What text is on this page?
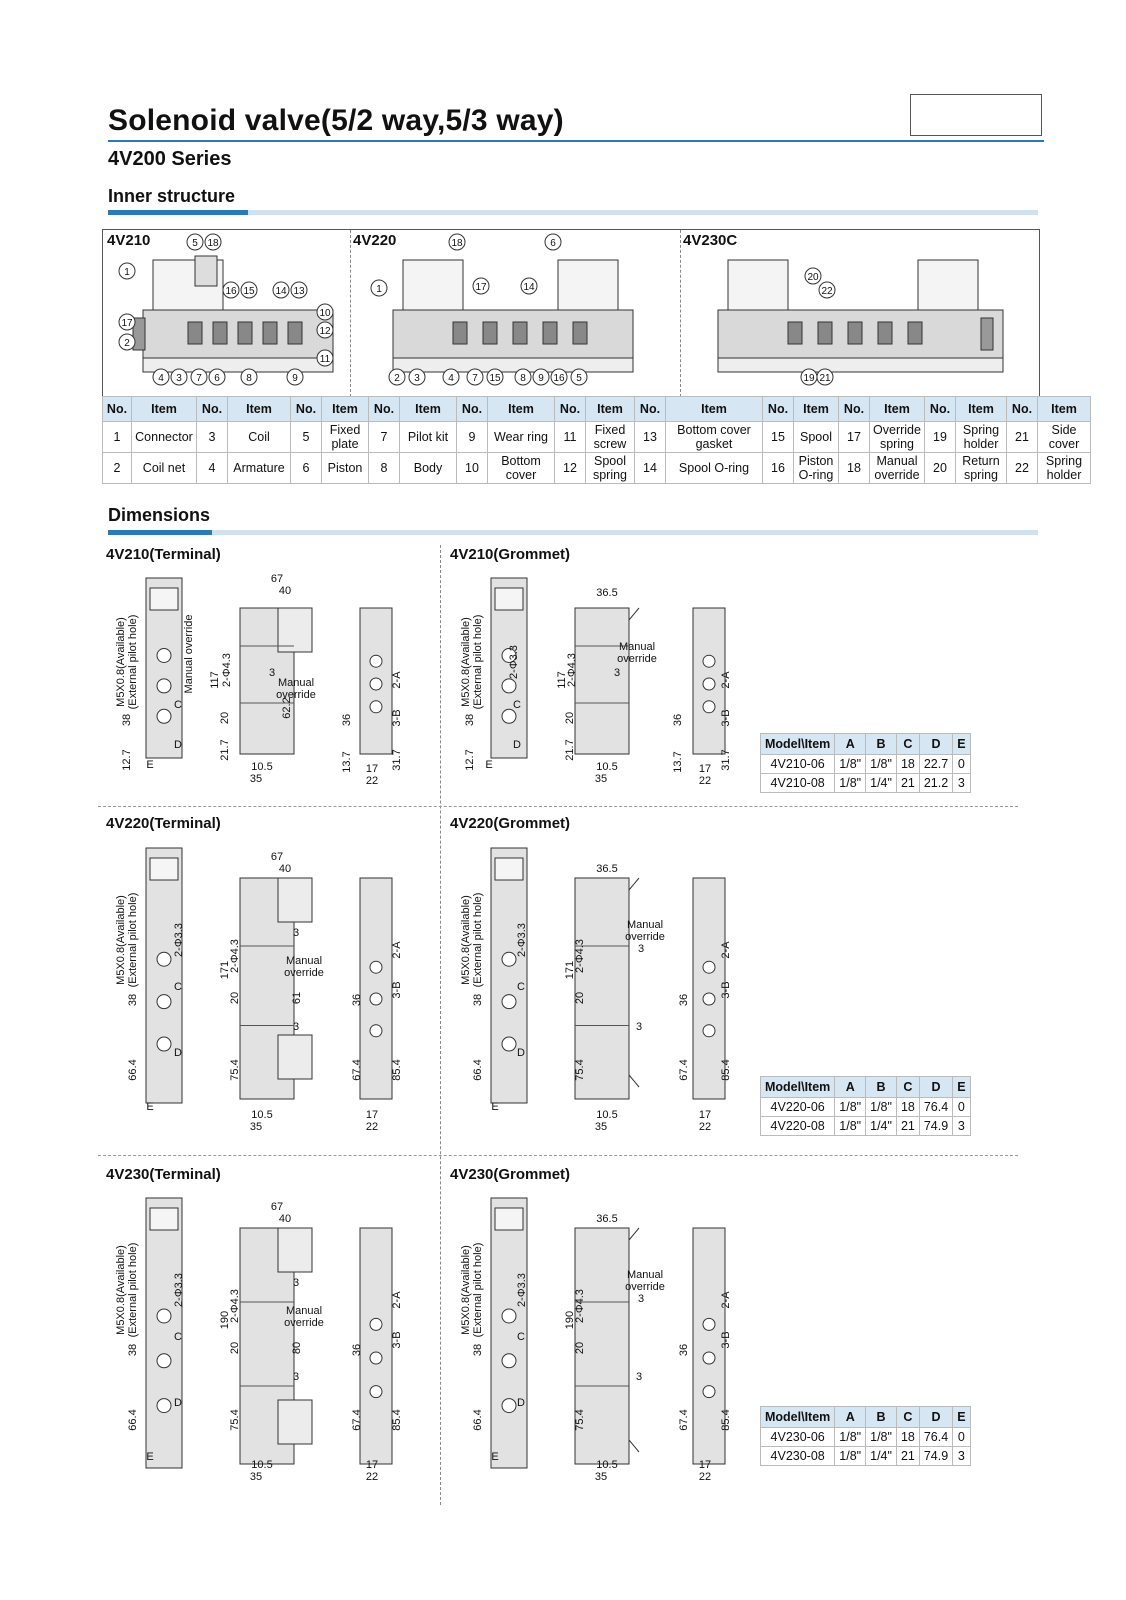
Solenoid valve(5/2 way,5/3 way)
4V200 Series
Inner structure
4V210	4V220	4V230C
1
5 18
16 15 14 13
17
2
10
12
11
4 3 7 6	8	9
18	6
1	17	14
2 3	4 7 15 8 9 16 5
20
22
19 21
No.	Item	No.	Item	No.	Item	No.	Item	No.	Item	No.	Item	No.	Item	No.	Item	No.	Item	No.	Item	No.	Item
1	Connector	3	Coil	5	Fixed plate	7	Pilot kit	9	Wear ring	11	Fixed screw	13	Bottom cover gasket	15	Spool	17	Override spring	19	Spring holder	21	Side cover
2	Coil net	4	Armature	6	Piston	8	Body	10	Bottom cover	12	Spool spring	14	Spool O-ring	16	Piston O-ring	18	Manual override	20	Return spring	22	Spring holder
Dimensions
4V210(Terminal)	4V210(Grommet)
4V220(Terminal)	4V220(Grommet)
4V230(Terminal)	4V230(Grommet)
M5X0.8(Available) (External pilot hole)	Manual override
67
40
117 2-Φ4.3	3
Manual
override
62.2
21.7
20
38
12.7
C
D
E	10.5
35
2-A
3-B
36
13.7	31.7
17
22
M5X0.8(Available) (External pilot hole) 2-Φ3.3
36.5
Manual
override
117
2-Φ4.3	3
21.7
20
38
12.7
C
D
E	10.5
35
2-A
3-B
36
13.7	31.7
17
22
M5X0.8(Available) (External pilot hole)	2-Φ3.3
67
40
171
2-Φ4.3
20	61
3
Manual
override
3
75.4
38
66.4
C
D
E
10.5
35
2-A
3-B
36
67.4	85.4
17
22
M5X0.8(Available) (External pilot hole)	2-Φ3.3
36.5
Manual
override
3
171
2-Φ4.3
20
3
75.4
38
66.4
C
D
E
10.5
35
2-A
3-B
36
67.4	85.4
17
22
M5X0.8(Available) (External pilot hole)	2-Φ3.3
67
40
190
2-Φ4.3
20	80
3
Manual
override
3
75.4
38
66.4
C
D
E
10.5
35
2-A
3-B
36
67.4	85.4
17
22
M5X0.8(Available) (External pilot hole)	2-Φ3.3
36.5
Manual
override
3
190
2-Φ4.3
20
3
75.4
38
66.4
C
D
E
10.5
35
2-A
3-B
36
67.4	85.4
17
22
Model\Item	A	B	C	D	E
4V210-06	1/8"	1/8"	18	22.7	0
4V210-08	1/8"	1/4"	21	21.2	3
Model\Item	A	B	C	D	E
4V220-06	1/8"	1/8"	18	76.4	0
4V220-08	1/8"	1/4"	21	74.9	3
Model\Item	A	B	C	D	E
4V230-06	1/8"	1/8"	18	76.4	0
4V230-08	1/8"	1/4"	21	74.9	3
